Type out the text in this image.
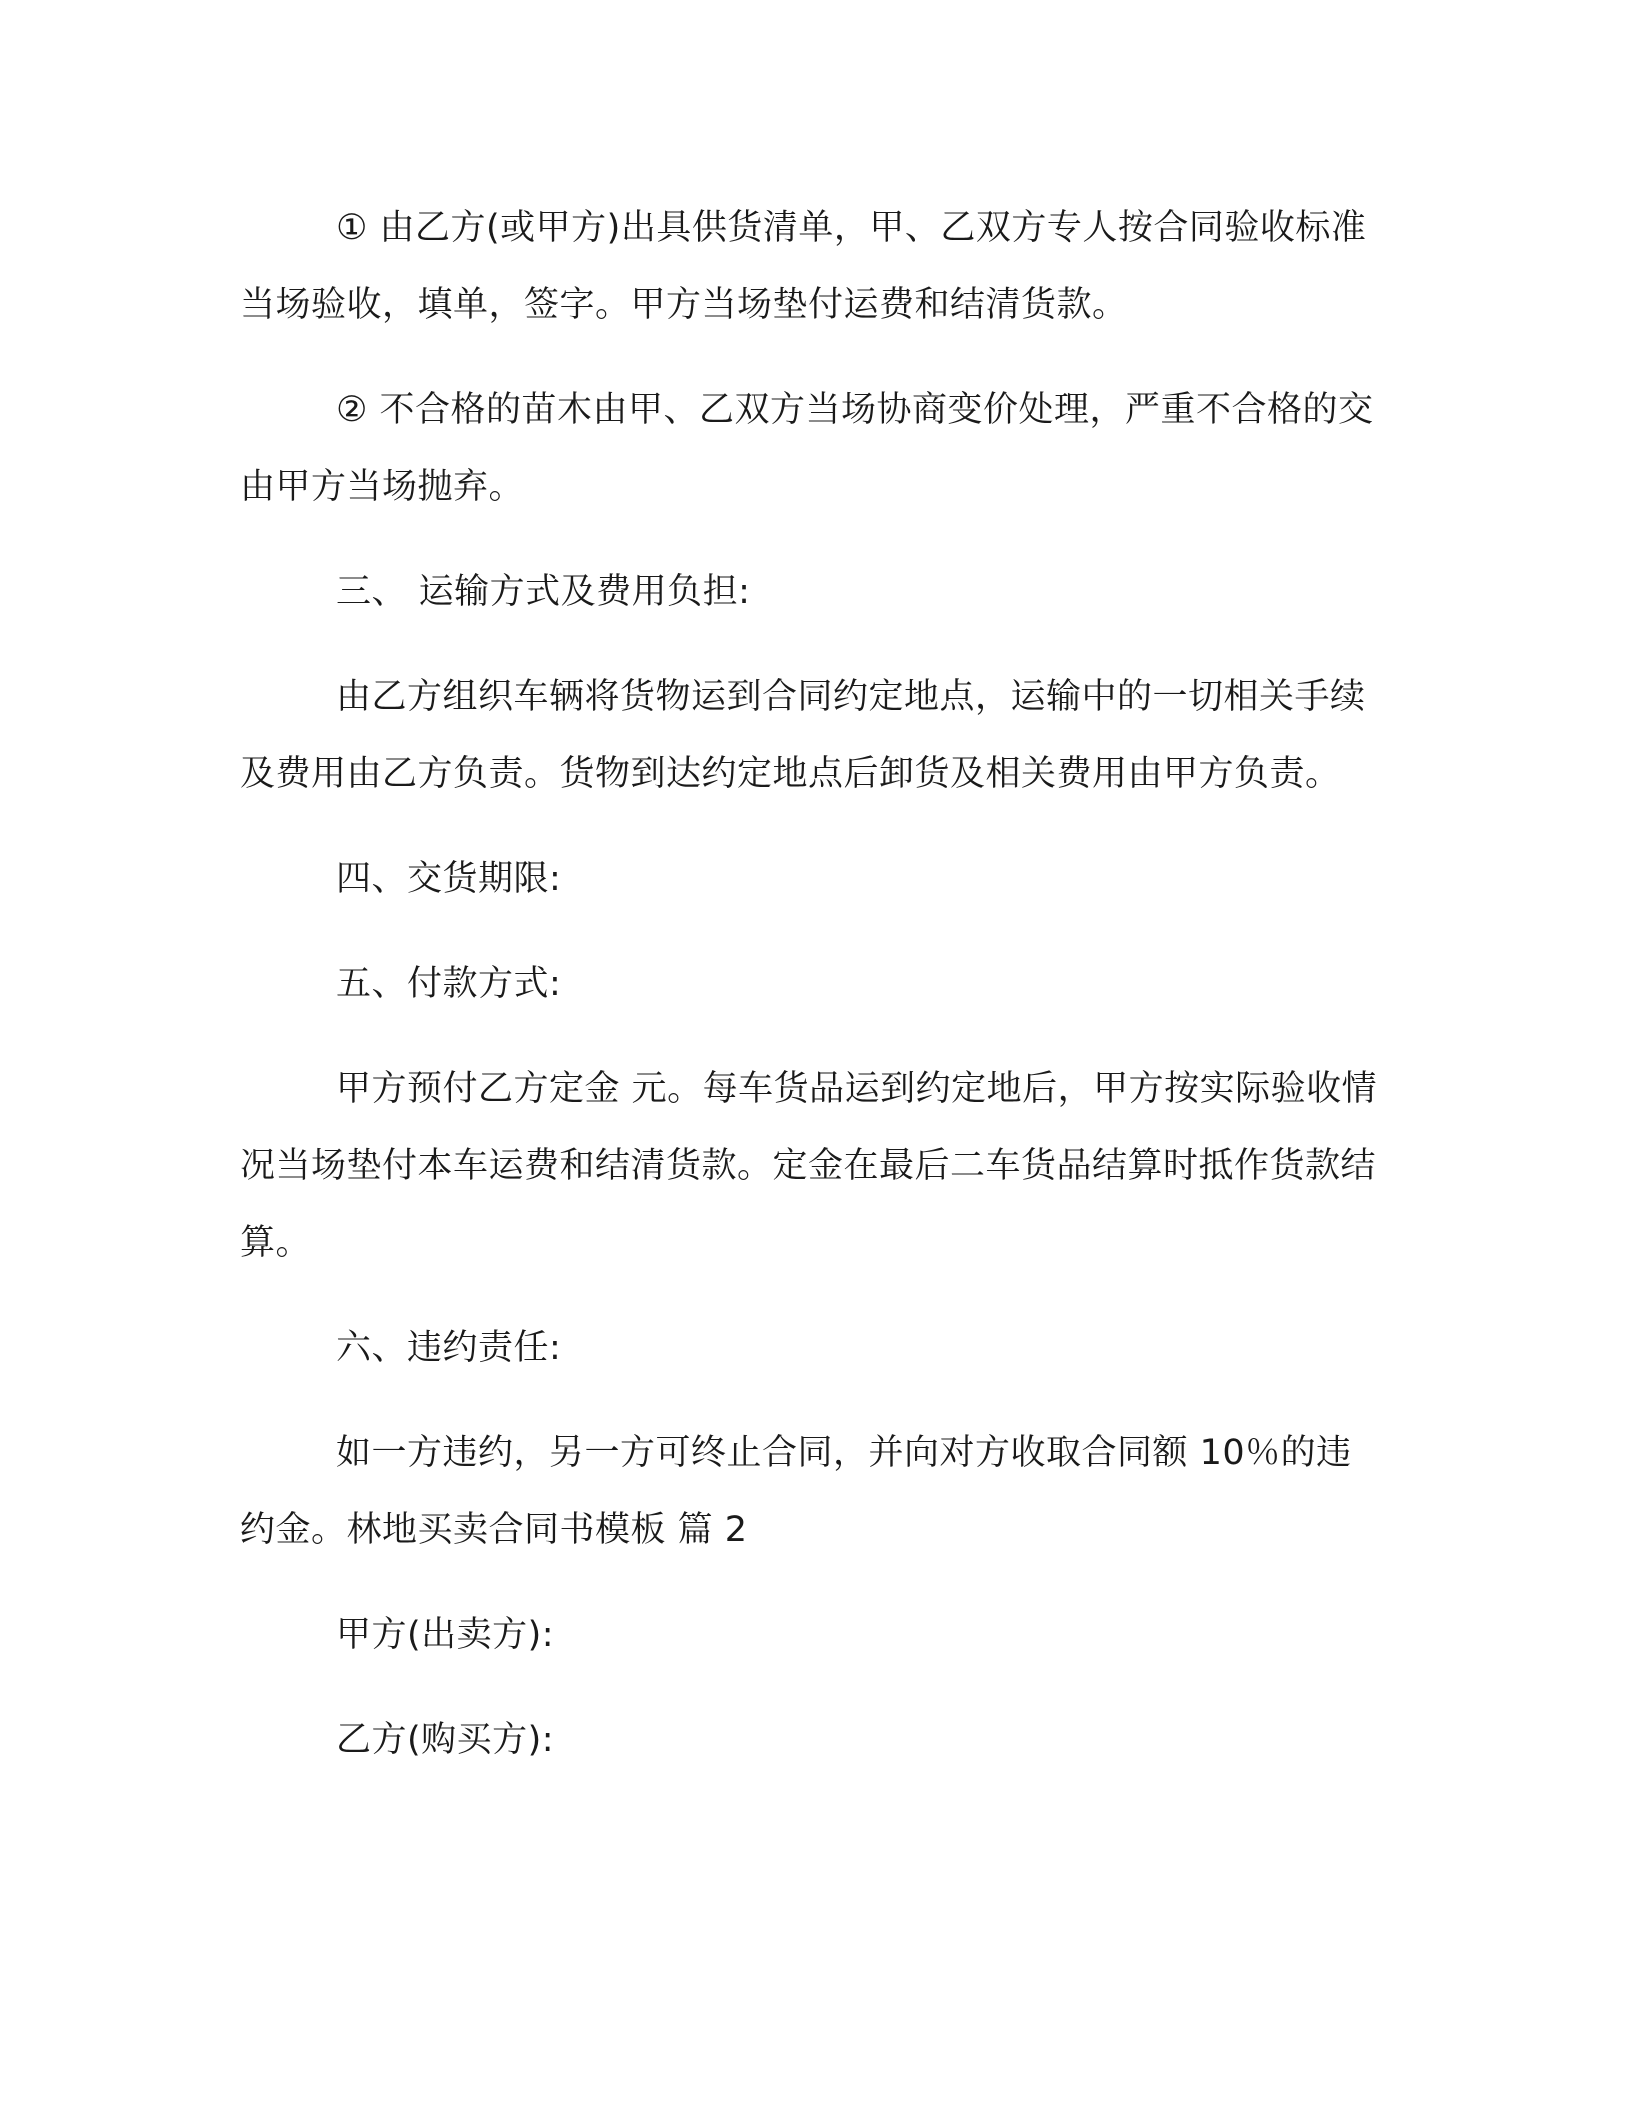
① 由乙方(或甲方)出具供货清单，甲、乙双方专人按合同验收标准当场验收，填单，签字。甲方当场垫付运费和结清货款。

② 不合格的苗木由甲、乙双方当场协商变价处理，严重不合格的交由甲方当场抛弃。

三、 运输方式及费用负担:

由乙方组织车辆将货物运到合同约定地点，运输中的一切相关手续及费用由乙方负责。货物到达约定地点后卸货及相关费用由甲方负责。

四、交货期限:

五、付款方式:

甲方预付乙方定金 元。每车货品运到约定地后，甲方按实际验收情况当场垫付本车运费和结清货款。定金在最后二车货品结算时抵作货款结算。

六、违约责任:

如一方违约，另一方可终止合同，并向对方收取合同额 10％的违约金。林地买卖合同书模板 篇 2

甲方(出卖方):

乙方(购买方):
